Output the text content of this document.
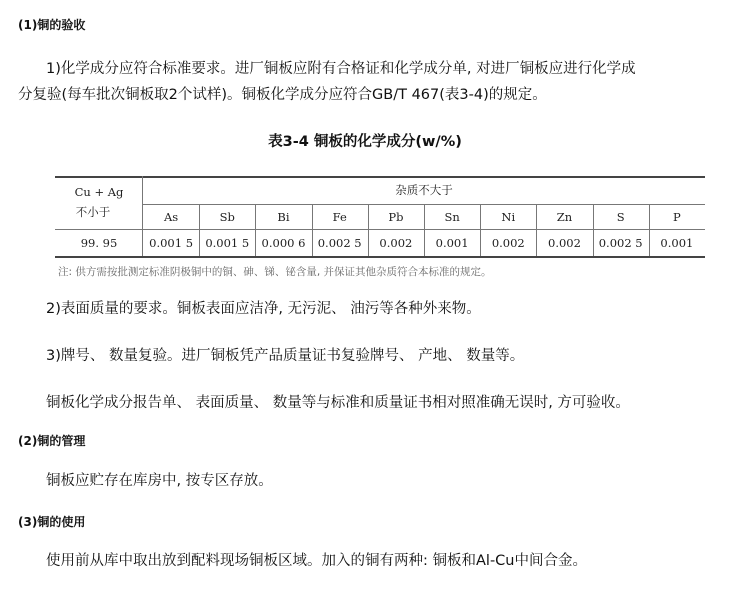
(1)铜的验收
1)化学成分应符合标准要求。进厂铜板应附有合格证和化学成分单, 对进厂铜板应进行化学成
分复验(每车批次铜板取2个试样)。铜板化学成分应符合GB/T 467(表3-4)的规定。
表3-4 铜板的化学成分(w/%)
Cu + Ag
不小于
杂质不大于
99. 95
As
0.001 5
Sb
0.001 5
Bi
0.000 6
Fe
0.002 5
Pb
0.002
Sn
0.001
Ni
0.002
Zn
0.002
S
0.002 5
P
0.001
注: 供方需按批测定标准阴极铜中的铜、砷、锑、铋含量, 并保证其他杂质符合本标准的规定。
2)表面质量的要求。铜板表面应洁净, 无污泥、 油污等各种外来物。
3)牌号、 数量复验。进厂铜板凭产品质量证书复验牌号、 产地、 数量等。
铜板化学成分报告单、 表面质量、 数量等与标准和质量证书相对照准确无误时, 方可验收。
(2)铜的管理
铜板应贮存在库房中, 按专区存放。
(3)铜的使用
使用前从库中取出放到配料现场铜板区域。加入的铜有两种: 铜板和Al-Cu中间合金。
